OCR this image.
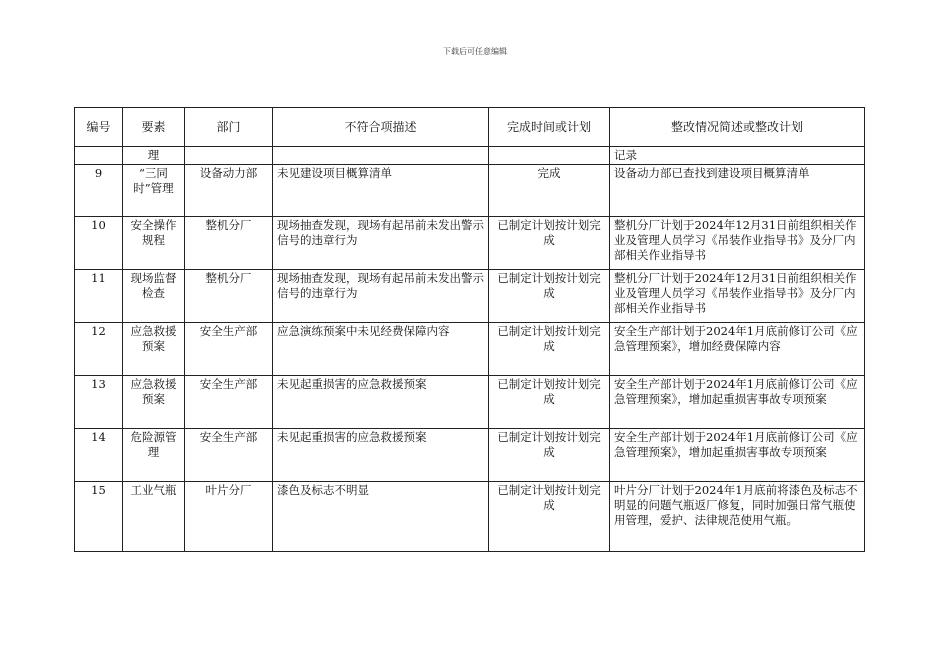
下载后可任意编辑
编号	要素	部门	不符合项描述	完成时间或计划	整改情况简述或整改计划
	理				记录
9	“三同时”管理	设备动力部	未见建设项目概算清单	完成	设备动力部已查找到建设项目概算清单
10	安全操作规程	整机分厂	现场抽查发现，现场有起吊前未发出警示信号的违章行为	已制定计划按计划完成	整机分厂计划于2024年12月31日前组织相关作业及管理人员学习《吊装作业指导书》及分厂内部相关作业指导书
11	现场监督检查	整机分厂	现场抽查发现，现场有起吊前未发出警示信号的违章行为	已制定计划按计划完成	整机分厂计划于2024年12月31日前组织相关作业及管理人员学习《吊装作业指导书》及分厂内部相关作业指导书
12	应急救援预案	安全生产部	应急演练预案中未见经费保障内容	已制定计划按计划完成	安全生产部计划于2024年1月底前修订公司《应急管理预案》，增加经费保障内容
13	应急救援预案	安全生产部	未见起重损害的应急救援预案	已制定计划按计划完成	安全生产部计划于2024年1月底前修订公司《应急管理预案》，增加起重损害事故专项预案
14	危险源管理	安全生产部	未见起重损害的应急救援预案	已制定计划按计划完成	安全生产部计划于2024年1月底前修订公司《应急管理预案》，增加起重损害事故专项预案
15	工业气瓶	叶片分厂	漆色及标志不明显	已制定计划按计划完成	叶片分厂计划于2024年1月底前将漆色及标志不明显的问题气瓶返厂修复，同时加强日常气瓶使用管理，爱护、法律规范使用气瓶。
